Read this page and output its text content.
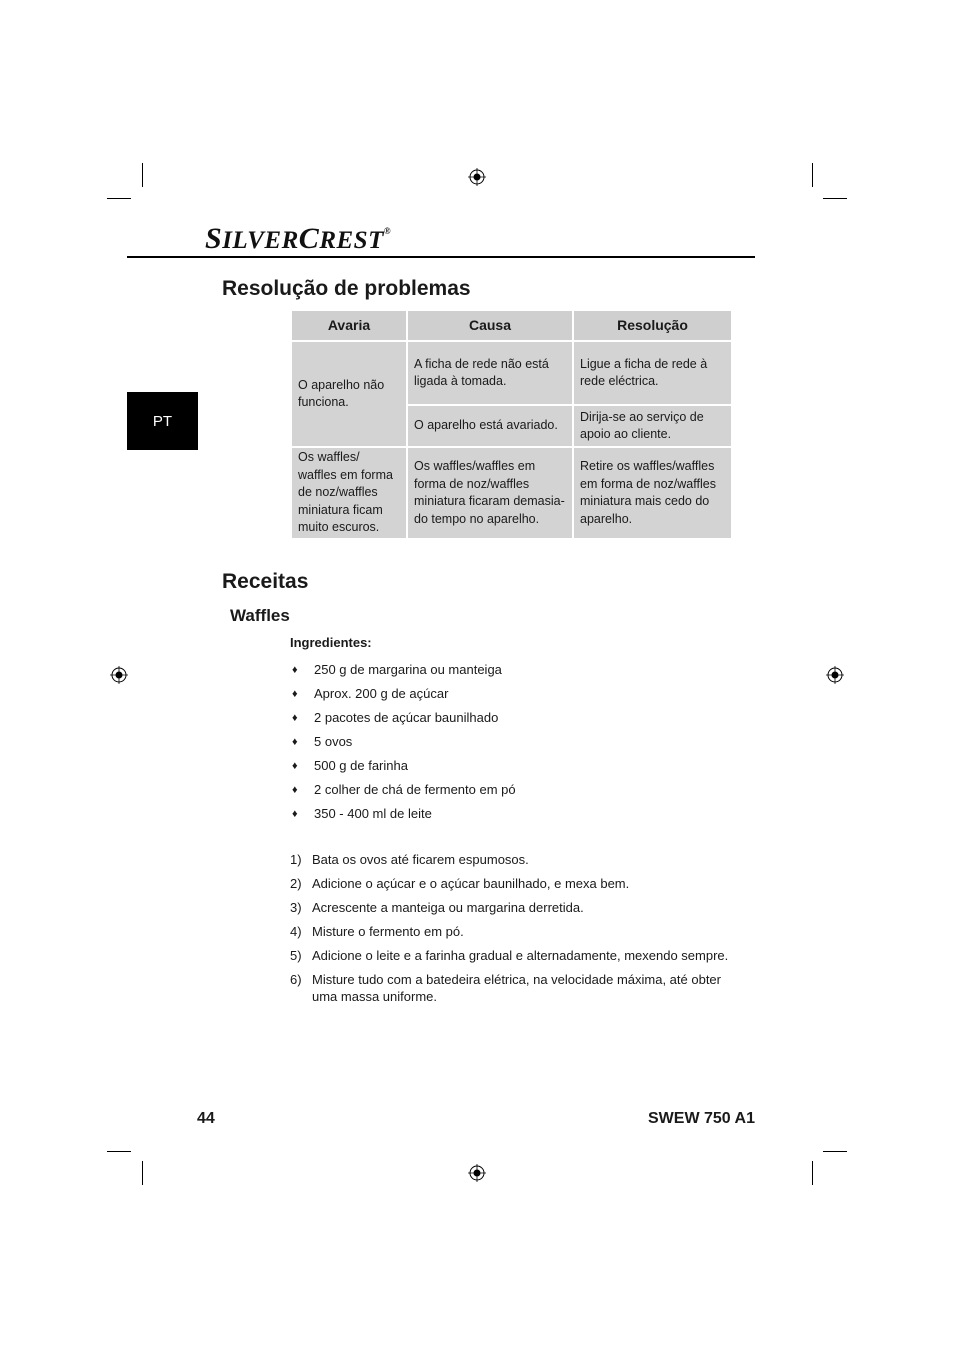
SILVERCREST®
PT
Resolução de problemas
Avaria	Causa	Resolução
O aparelho não funciona.	A ficha de rede não está ligada à tomada.	Ligue a ficha de rede à rede eléctrica.
	O aparelho está avariado.	Dirija-se ao serviço de apoio ao cliente.
Os waffles/ waffles em forma de noz/waffles miniatura ficam muito escuros.	Os waffles/waffles em forma de noz/waffles miniatura ficaram demasia- do tempo no aparelho.	Retire os waffles/waffles em forma de noz/waffles miniatura mais cedo do aparelho.
Receitas
Waffles
Ingredientes:
♦	250 g de margarina ou manteiga
♦	Aprox. 200 g de açúcar
♦	2 pacotes de açúcar baunilhado
♦	5 ovos
♦	500 g de farinha
♦	2 colher de chá de fermento em pó
♦	350 - 400 ml de leite
1) Bata os ovos até ficarem espumosos.
2) Adicione o açúcar e o açúcar baunilhado, e mexa bem.
3) Acrescente a manteiga ou margarina derretida.
4) Misture o fermento em pó.
5) Adicione o leite e a farinha gradual e alternadamente, mexendo sempre.
6) Misture tudo com a batedeira elétrica, na velocidade máxima, até obter uma massa uniforme.
44	SWEW 750 A1
